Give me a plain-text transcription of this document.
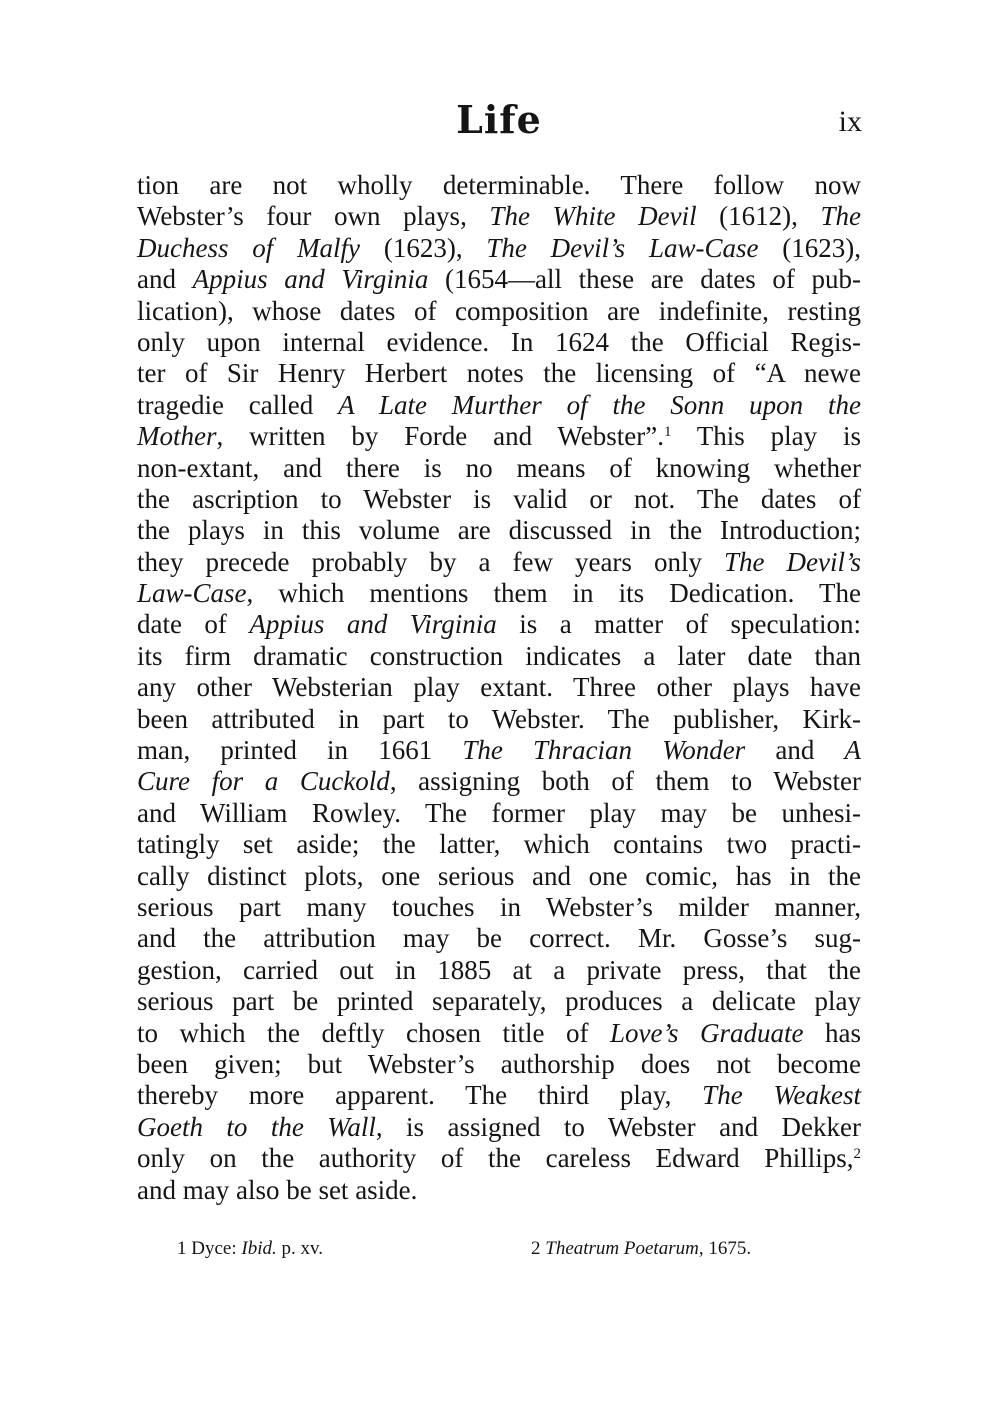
Life	ix
tion are not wholly determinable. There follow now
Webster’s four own plays, The White Devil (1612), The
Duchess of Malfy (1623), The Devil’s Law-Case (1623),
and Appius and Virginia (1654—all these are dates of pub-
lication), whose dates of composition are indefinite, resting
only upon internal evidence. In 1624 the Official Regis-
ter of Sir Henry Herbert notes the licensing of “A newe
tragedie called A Late Murther of the Sonn upon the
Mother, written by Forde and Webster”.$^1$ This play is
non-extant, and there is no means of knowing whether
the ascription to Webster is valid or not. The dates of
the plays in this volume are discussed in the Introduction;
they precede probably by a few years only The Devil’s
Law-Case, which mentions them in its Dedication. The
date of Appius and Virginia is a matter of speculation:
its firm dramatic construction indicates a later date than
any other Websterian play extant. Three other plays have
been attributed in part to Webster. The publisher, Kirk-
man, printed in 1661 The Thracian Wonder and A
Cure for a Cuckold, assigning both of them to Webster
and William Rowley. The former play may be unhesi-
tatingly set aside; the latter, which contains two practi-
cally distinct plots, one serious and one comic, has in the
serious part many touches in Webster’s milder manner,
and the attribution may be correct. Mr. Gosse’s sug-
gestion, carried out in 1885 at a private press, that the
serious part be printed separately, produces a delicate play
to which the deftly chosen title of Love’s Graduate has
been given; but Webster’s authorship does not become
thereby more apparent. The third play, The Weakest
Goeth to the Wall, is assigned to Webster and Dekker
only on the authority of the careless Edward Phillips,$^2$
and may also be set aside.
1 Dyce: Ibid. p. xv.	2 Theatrum Poetarum, 1675.
